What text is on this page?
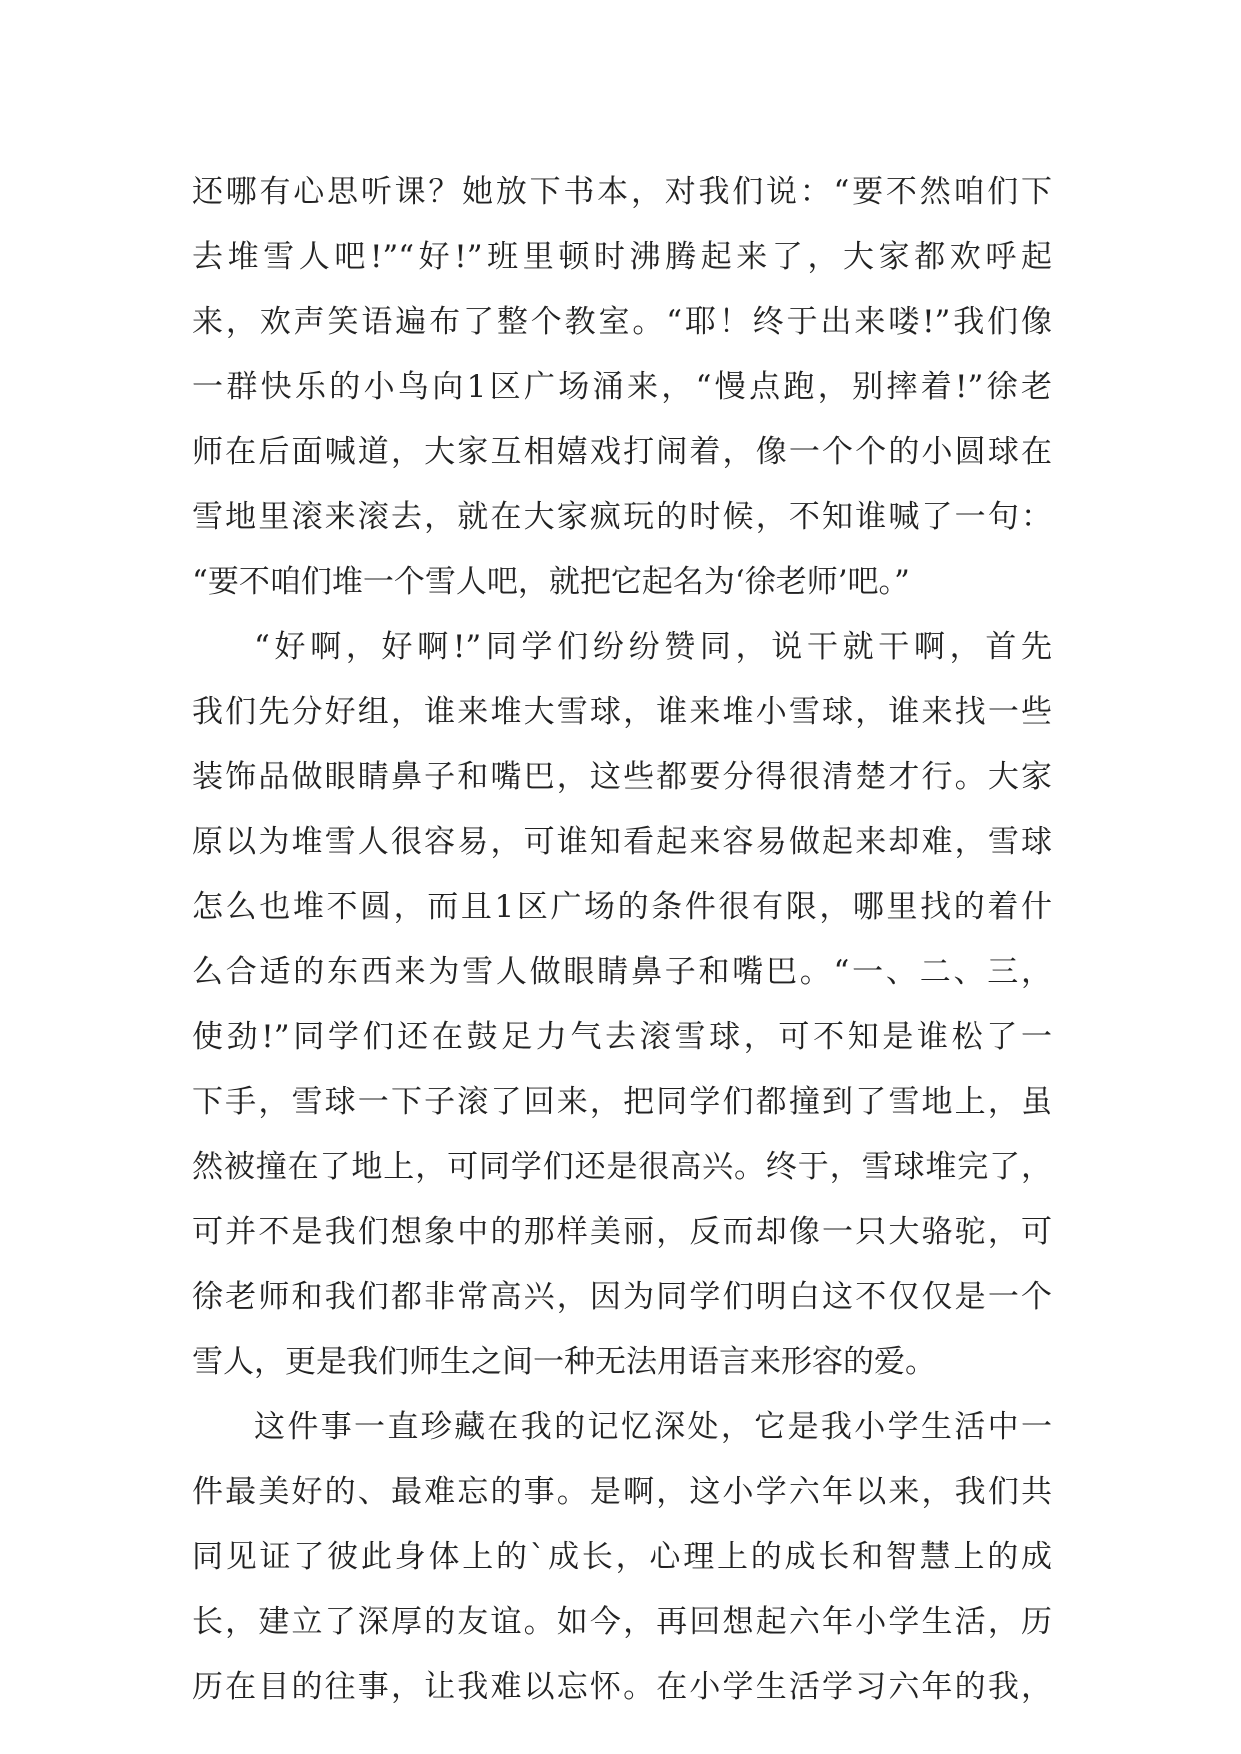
还哪有心思听课？她放下书本，对我们说：“要不然咱们下
去堆雪人吧!”“好!”班里顿时沸腾起来了，大家都欢呼起
来，欢声笑语遍布了整个教室。“耶！终于出来喽!”我们像
一群快乐的小鸟向1区广场涌来，“慢点跑，别摔着!”徐老
师在后面喊道，大家互相嬉戏打闹着，像一个个的小圆球在
雪地里滚来滚去，就在大家疯玩的时候，不知谁喊了一句：
“要不咱们堆一个雪人吧，就把它起名为‘徐老师’吧。”
“好啊，好啊!”同学们纷纷赞同，说干就干啊，首先
我们先分好组，谁来堆大雪球，谁来堆小雪球，谁来找一些
装饰品做眼睛鼻子和嘴巴，这些都要分得很清楚才行。大家
原以为堆雪人很容易，可谁知看起来容易做起来却难，雪球
怎么也堆不圆，而且1区广场的条件很有限，哪里找的着什
么合适的东西来为雪人做眼睛鼻子和嘴巴。“一、二、三，
使劲!”同学们还在鼓足力气去滚雪球，可不知是谁松了一
下手，雪球一下子滚了回来，把同学们都撞到了雪地上，虽
然被撞在了地上，可同学们还是很高兴。终于，雪球堆完了，
可并不是我们想象中的那样美丽，反而却像一只大骆驼，可
徐老师和我们都非常高兴，因为同学们明白这不仅仅是一个
雪人，更是我们师生之间一种无法用语言来形容的爱。
这件事一直珍藏在我的记忆深处，它是我小学生活中一
件最美好的、最难忘的事。是啊，这小学六年以来，我们共
同见证了彼此身体上的`成长，心理上的成长和智慧上的成
长，建立了深厚的友谊。如今，再回想起六年小学生活，历
历在目的往事，让我难以忘怀。在小学生活学习六年的我，
